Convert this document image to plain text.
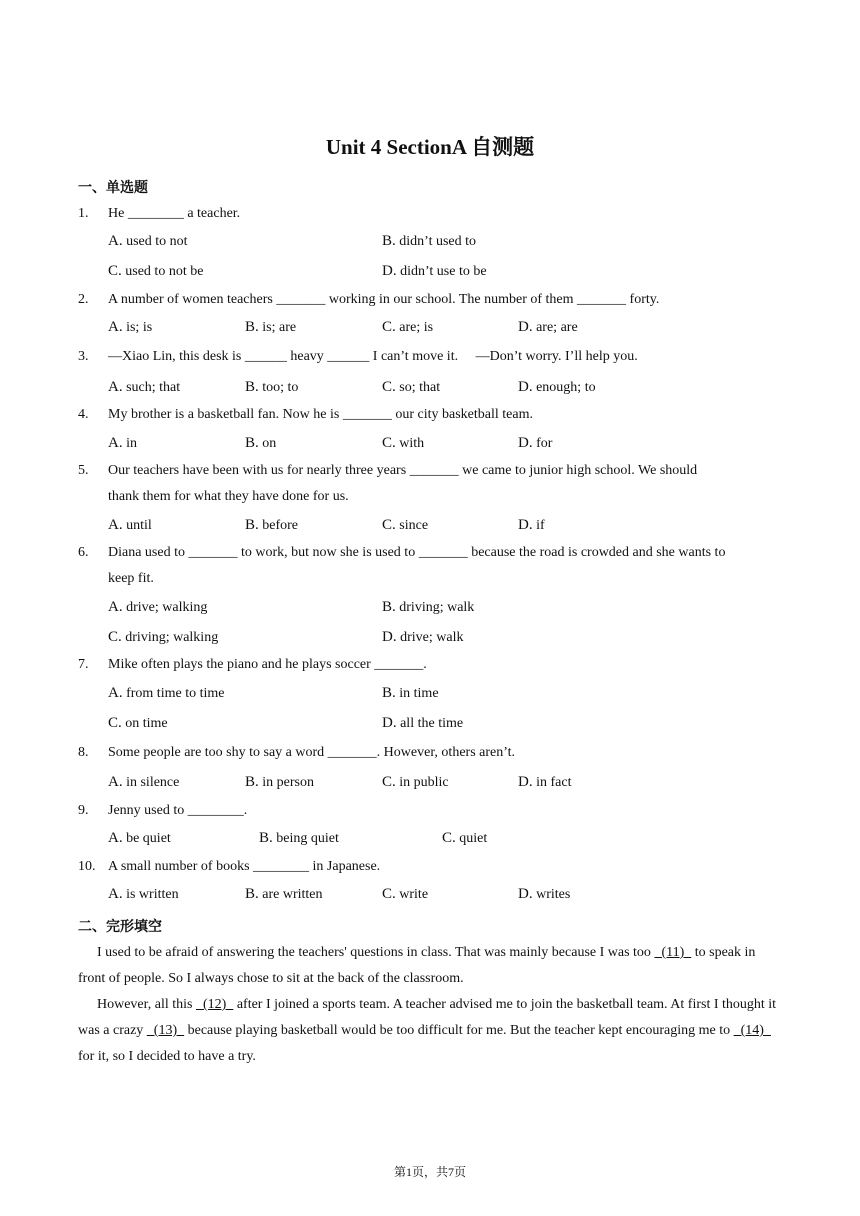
Unit 4 SectionA 自测题
一、单选题
1. He ________ a teacher.
A. used to not	B. didn’t used to
C. used to not be	D. didn’t use to be
2. A number of women teachers _______ working in our school. The number of them _______ forty.
A. is; is	B. is; are	C. are; is	D. are; are
3. —Xiao Lin, this desk is ______ heavy ______ I can’t move it.     —Don’t worry. I’ll help you.
A. such; that	B. too; to	C. so; that	D. enough; to
4. My brother is a basketball fan. Now he is _______ our city basketball team.
A. in	B. on	C. with	D. for
5. Our teachers have been with us for nearly three years _______ we came to junior high school. We should
thank them for what they have done for us.
A. until	B. before	C. since	D. if
6. Diana used to _______ to work, but now she is used to _______ because the road is crowded and she wants to
keep fit.
A. drive; walking	B. driving; walk
C. driving; walking	D. drive; walk
7. Mike often plays the piano and he plays soccer _______.
A. from time to time	B. in time
C. on time	D. all the time
8. Some people are too shy to say a word _______. However, others aren’t.
A. in silence	B. in person	C. in public	D. in fact
9. Jenny used to ________.
A. be quiet	B. being quiet	C. quiet
10. A small number of books ________ in Japanese.
A. is written	B. are written	C. write	D. writes
二、完形填空
I used to be afraid of answering the teachers' questions in class. That was mainly because I was too   (11)   to speak in front of people. So I always chose to sit at the back of the classroom.
However, all this   (12)   after I joined a sports team. A teacher advised me to join the basketball team. At first I thought it was a crazy   (13)   because playing basketball would be too difficult for me. But the teacher kept encouraging me to   (14)   for it, so I decided to have a try.
第1页，共7页
